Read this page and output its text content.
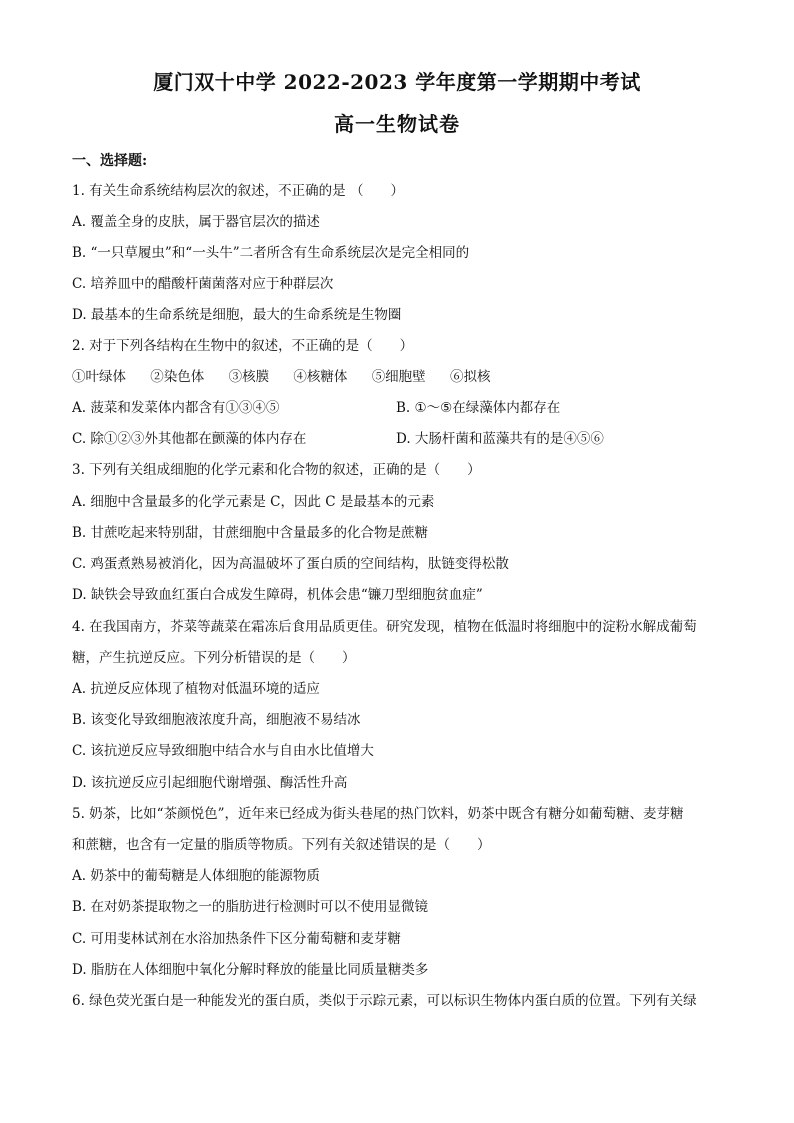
厦门双十中学 2022-2023 学年度第一学期期中考试
高一生物试卷
一、选择题:
1. 有关生命系统结构层次的叙述，不正确的是 （　　）
A. 覆盖全身的皮肤，属于器官层次的描述
B. “一只草履虫”和“一头牛”二者所含有生命系统层次是完全相同的
C. 培养皿中的醋酸杆菌菌落对应于种群层次
D. 最基本的生命系统是细胞，最大的生命系统是生物圈
2. 对于下列各结构在生物中的叙述，不正确的是（　　）
①叶绿体 ②染色体 ③核膜 ④核糖体 ⑤细胞壁 ⑥拟核
A. 菠菜和发菜体内都含有①③④⑤	B. ①～⑤在绿藻体内都存在
C. 除①②③外其他都在颤藻的体内存在	D. 大肠杆菌和蓝藻共有的是④⑤⑥
3. 下列有关组成细胞的化学元素和化合物的叙述，正确的是（　　）
A. 细胞中含量最多的化学元素是 C，因此 C 是最基本的元素
B. 甘蔗吃起来特别甜，甘蔗细胞中含量最多的化合物是蔗糖
C. 鸡蛋煮熟易被消化，因为高温破坏了蛋白质的空间结构，肽链变得松散
D. 缺铁会导致血红蛋白合成发生障碍，机体会患“镰刀型细胞贫血症”
4. 在我国南方，芥菜等蔬菜在霜冻后食用品质更佳。研究发现，植物在低温时将细胞中的淀粉水解成葡萄
糖，产生抗逆反应。下列分析错误的是（　　）
A. 抗逆反应体现了植物对低温环境的适应
B. 该变化导致细胞液浓度升高，细胞液不易结冰
C. 该抗逆反应导致细胞中结合水与自由水比值增大
D. 该抗逆反应引起细胞代谢增强、酶活性升高
5. 奶茶，比如“茶颜悦色”，近年来已经成为街头巷尾的热门饮料，奶茶中既含有糖分如葡萄糖、麦芽糖
和蔗糖，也含有一定量的脂质等物质。下列有关叙述错误的是（　　）
A. 奶茶中的葡萄糖是人体细胞的能源物质
B. 在对奶茶提取物之一的脂肪进行检测时可以不使用显微镜
C. 可用斐林试剂在水浴加热条件下区分葡萄糖和麦芽糖
D. 脂肪在人体细胞中氧化分解时释放的能量比同质量糖类多
6. 绿色荧光蛋白是一种能发光的蛋白质，类似于示踪元素，可以标识生物体内蛋白质的位置。下列有关绿
